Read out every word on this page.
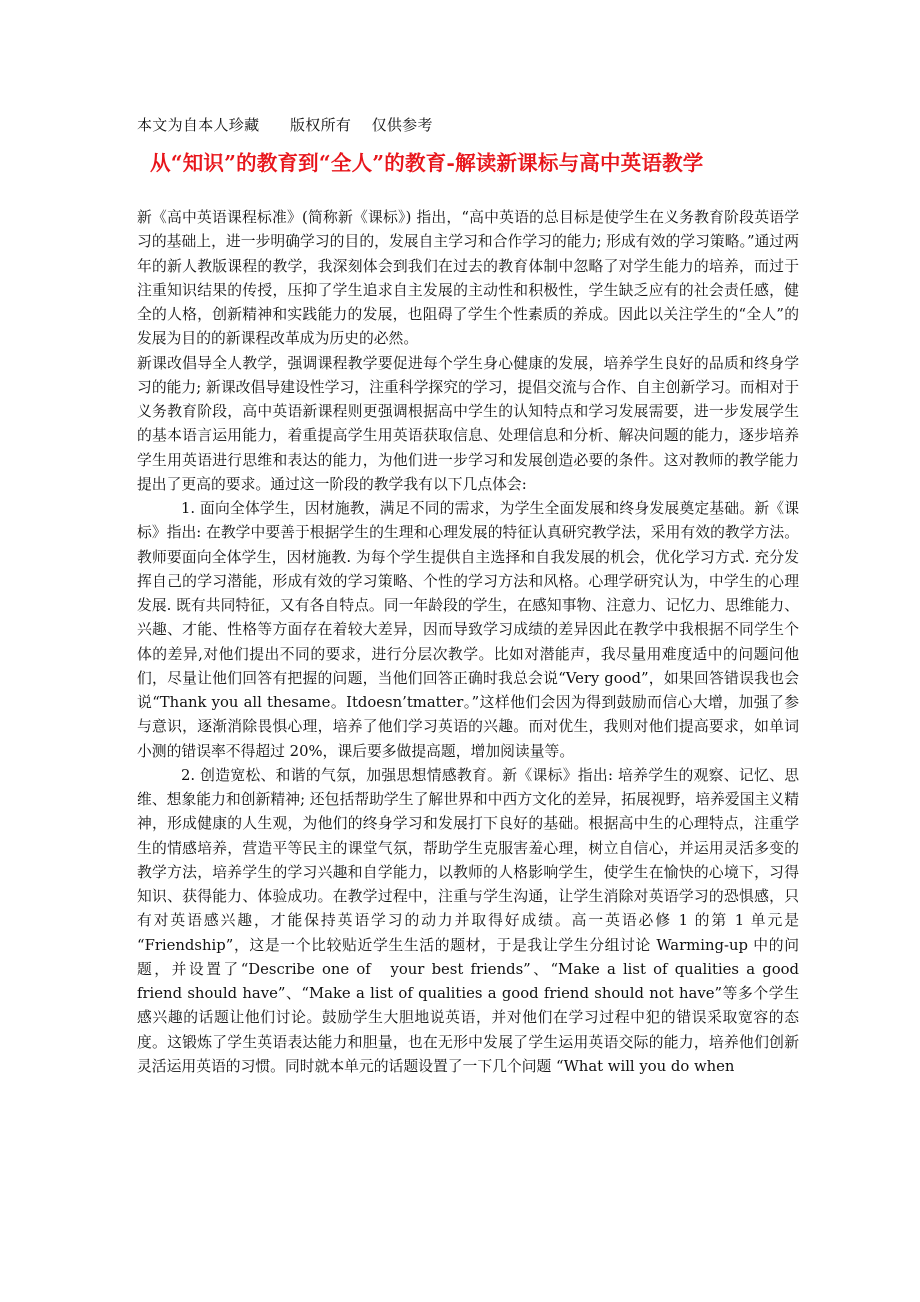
本文为自本人珍藏　　版权所有　 仅供参考
从“知识”的教育到“全人”的教育-解读新课标与高中英语教学

新《高中英语课程标准》(简称新《课标》) 指出，“高中英语的总目标是使学生在义务教育阶段英语学习的基础上，进一步明确学习的目的，发展自主学习和合作学习的能力; 形成有效的学习策略。”通过两年的新人教版课程的教学，我深刻体会到我们在过去的教育体制中忽略了对学生能力的培养，而过于注重知识结果的传授，压抑了学生追求自主发展的主动性和积极性，学生缺乏应有的社会责任感，健全的人格，创新精神和实践能力的发展，也阻碍了学生个性素质的养成。因此以关注学生的“全人”的发展为目的的新课程改革成为历史的必然。

新课改倡导全人教学，强调课程教学要促进每个学生身心健康的发展，培养学生良好的品质和终身学习的能力; 新课改倡导建设性学习，注重科学探究的学习，提倡交流与合作、自主创新学习。而相对于义务教育阶段，高中英语新课程则更强调根据高中学生的认知特点和学习发展需要，进一步发展学生的基本语言运用能力，着重提高学生用英语获取信息、处理信息和分析、解决问题的能力，逐步培养学生用英语进行思维和表达的能力，为他们进一步学习和发展创造必要的条件。这对教师的教学能力提出了更高的要求。通过这一阶段的教学我有以下几点体会:

1. 面向全体学生，因材施教，满足不同的需求，为学生全面发展和终身发展奠定基础。新《课标》指出: 在教学中要善于根据学生的生理和心理发展的特征认真研究教学法，采用有效的教学方法。教师要面向全体学生，因材施教. 为每个学生提供自主选择和自我发展的机会，优化学习方式. 充分发挥自己的学习潜能，形成有效的学习策略、个性的学习方法和风格。心理学研究认为，中学生的心理发展. 既有共同特征，又有各自特点。同一年龄段的学生，在感知事物、注意力、记忆力、思维能力、兴趣、才能、性格等方面存在着较大差异，因而导致学习成绩的差异因此在教学中我根据不同学生个体的差异,对他们提出不同的要求，进行分层次教学。比如对潜能声，我尽量用难度适中的问题问他们，尽量让他们回答有把握的问题，当他们回答正确时我总会说“Very good”，如果回答错误我也会说“Thank you all thesame。Itdoesn’tmatter。”这样他们会因为得到鼓励而信心大增，加强了参与意识，逐渐消除畏惧心理，培养了他们学习英语的兴趣。而对优生，我则对他们提高要求，如单词小测的错误率不得超过 20%，课后要多做提高题，增加阅读量等。

2. 创造宽松、和谐的气氛，加强思想情感教育。新《课标》指出: 培养学生的观察、记忆、思维、想象能力和创新精神; 还包括帮助学生了解世界和中西方文化的差异，拓展视野，培养爱国主义精神，形成健康的人生观，为他们的终身学习和发展打下良好的基础。根据高中生的心理特点，注重学生的情感培养，营造平等民主的课堂气氛，帮助学生克服害羞心理，树立自信心，并运用灵活多变的教学方法，培养学生的学习兴趣和自学能力，以教师的人格影响学生，使学生在愉快的心境下，习得知识、获得能力、体验成功。在教学过程中，注重与学生沟通，让学生消除对英语学习的恐惧感，只有对英语感兴趣，才能保持英语学习的动力并取得好成绩。高一英语必修 1 的第 1 单元是 “Friendship”，这是一个比较贴近学生生活的题材，于是我让学生分组讨论 Warming-up 中的问题，并设置了“Describe one of　your best friends”、“Make a list of qualities a good friend should have”、“Make a list of qualities a good friend should not have”等多个学生感兴趣的话题让他们讨论。鼓励学生大胆地说英语，并对他们在学习过程中犯的错误采取宽容的态度。这锻炼了学生英语表达能力和胆量，也在无形中发展了学生运用英语交际的能力，培养他们创新灵活运用英语的习惯。同时就本单元的话题设置了一下几个问题 “What will you do when
